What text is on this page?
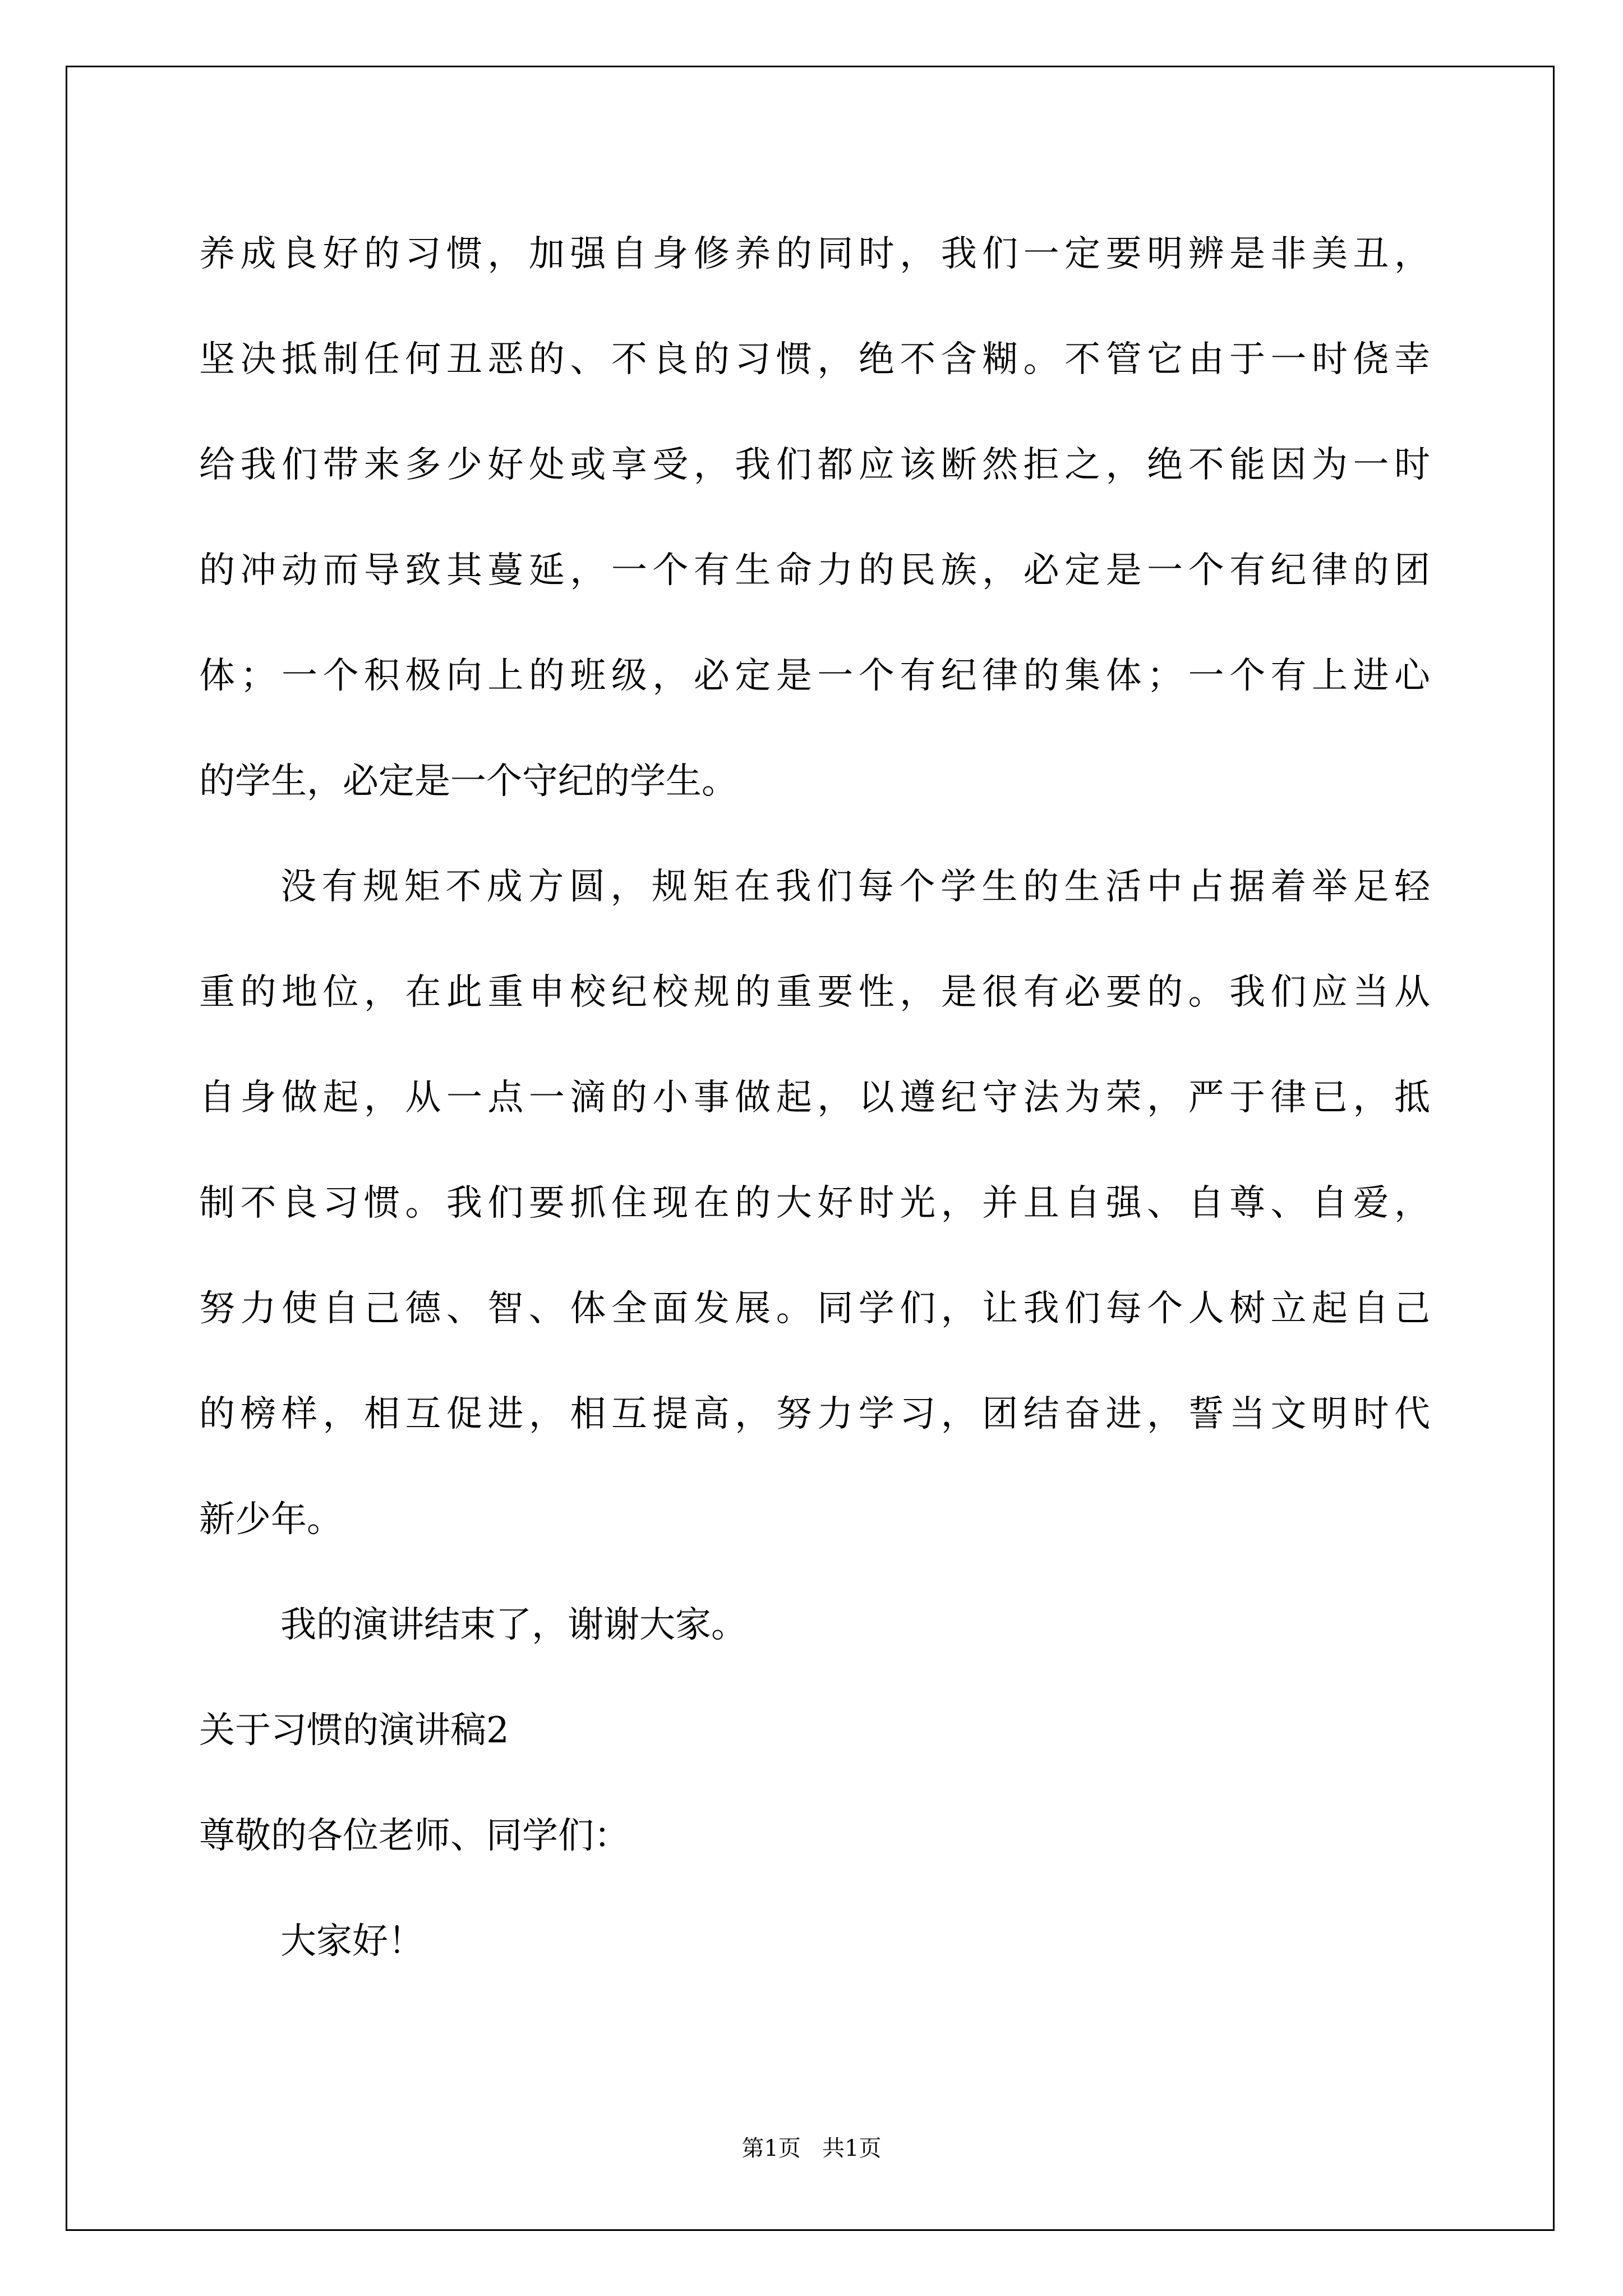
养成良好的习惯，加强自身修养的同时，我们一定要明辨是非美丑，

坚决抵制任何丑恶的、不良的习惯，绝不含糊。不管它由于一时侥幸

给我们带来多少好处或享受，我们都应该断然拒之，绝不能因为一时

的冲动而导致其蔓延，一个有生命力的民族，必定是一个有纪律的团

体；一个积极向上的班级，必定是一个有纪律的集体；一个有上进心

的学生，必定是一个守纪的学生。

没有规矩不成方圆，规矩在我们每个学生的生活中占据着举足轻

重的地位，在此重申校纪校规的重要性，是很有必要的。我们应当从

自身做起，从一点一滴的小事做起，以遵纪守法为荣，严于律已，抵

制不良习惯。我们要抓住现在的大好时光，并且自强、自尊、自爱，

努力使自己德、智、体全面发展。同学们，让我们每个人树立起自己

的榜样，相互促进，相互提高，努力学习，团结奋进，誓当文明时代

新少年。

我的演讲结束了，谢谢大家。

关于习惯的演讲稿2

尊敬的各位老师、同学们：

大家好！

第1页   共1页
